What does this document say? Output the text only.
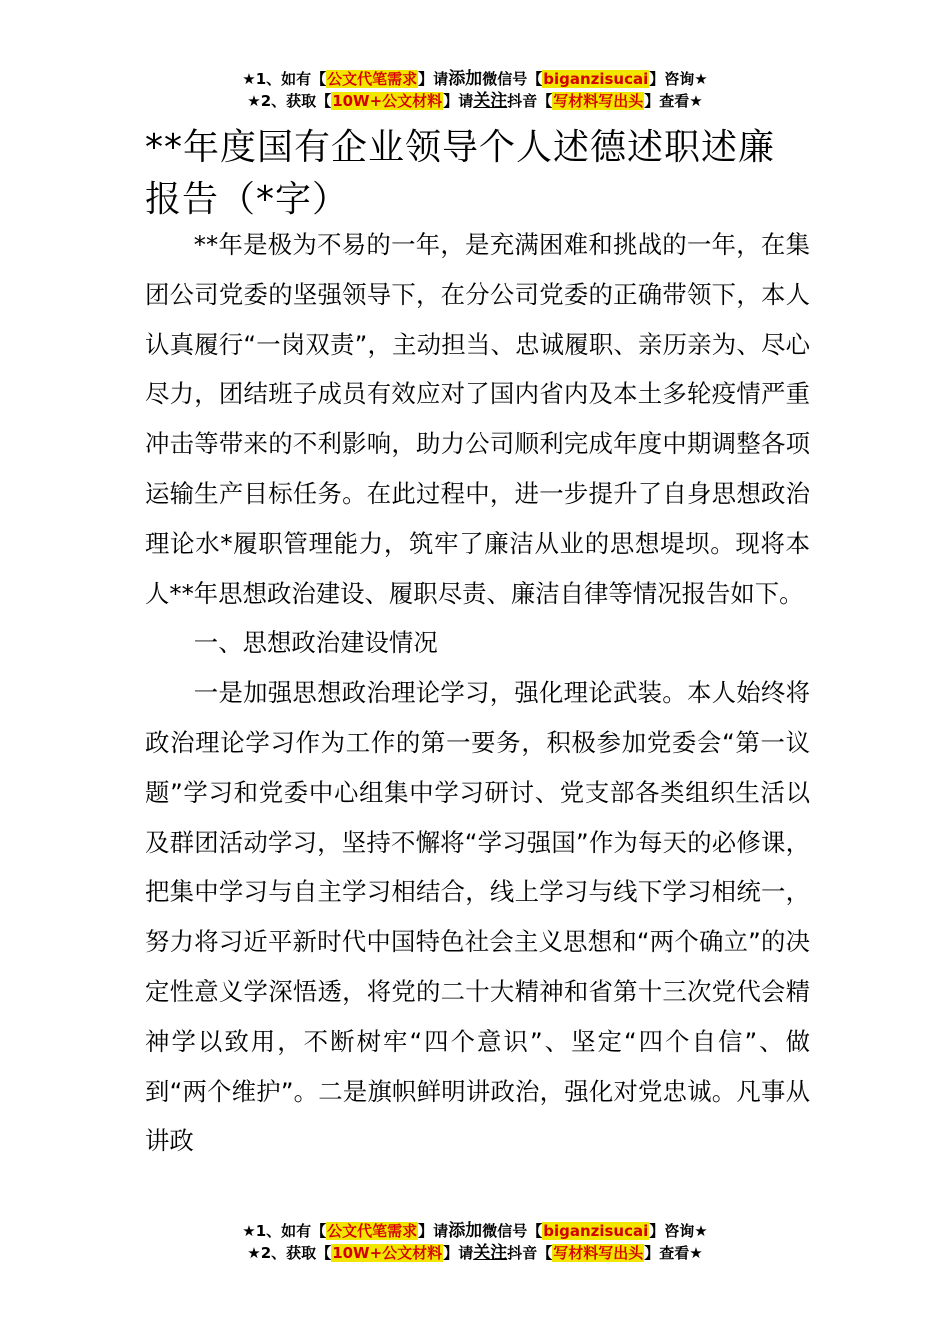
★1、如有【公文代笔需求】请添加微信号【biganzisucai】咨询★
★2、获取【10W+公文材料】请关注抖音【写材料写出头】查看★
**年度国有企业领导个人述德述职述廉报告（*字）

**年是极为不易的一年，是充满困难和挑战的一年，在集团公司党委的坚强领导下，在分公司党委的正确带领下，本人认真履行“一岗双责”，主动担当、忠诚履职、亲历亲为、尽心尽力，团结班子成员有效应对了国内省内及本土多轮疫情严重冲击等带来的不利影响，助力公司顺利完成年度中期调整各项运输生产目标任务。在此过程中，进一步提升了自身思想政治理论水*履职管理能力，筑牢了廉洁从业的思想堤坝。现将本人**年思想政治建设、履职尽责、廉洁自律等情况报告如下。

一、思想政治建设情况

一是加强思想政治理论学习，强化理论武装。本人始终将政治理论学习作为工作的第一要务，积极参加党委会“第一议题”学习和党委中心组集中学习研讨、党支部各类组织生活以及群团活动学习，坚持不懈将“学习强国”作为每天的必修课，把集中学习与自主学习相结合，线上学习与线下学习相统一，努力将习近平新时代中国特色社会主义思想和“两个确立”的决定性意义学深悟透，将党的二十大精神和省第十三次党代会精神学以致用，不断树牢“四个意识”、坚定“四个自信”、做到“两个维护”。二是旗帜鲜明讲政治，强化对党忠诚。凡事从讲政

★1、如有【公文代笔需求】请添加微信号【biganzisucai】咨询★
★2、获取【10W+公文材料】请关注抖音【写材料写出头】查看★
